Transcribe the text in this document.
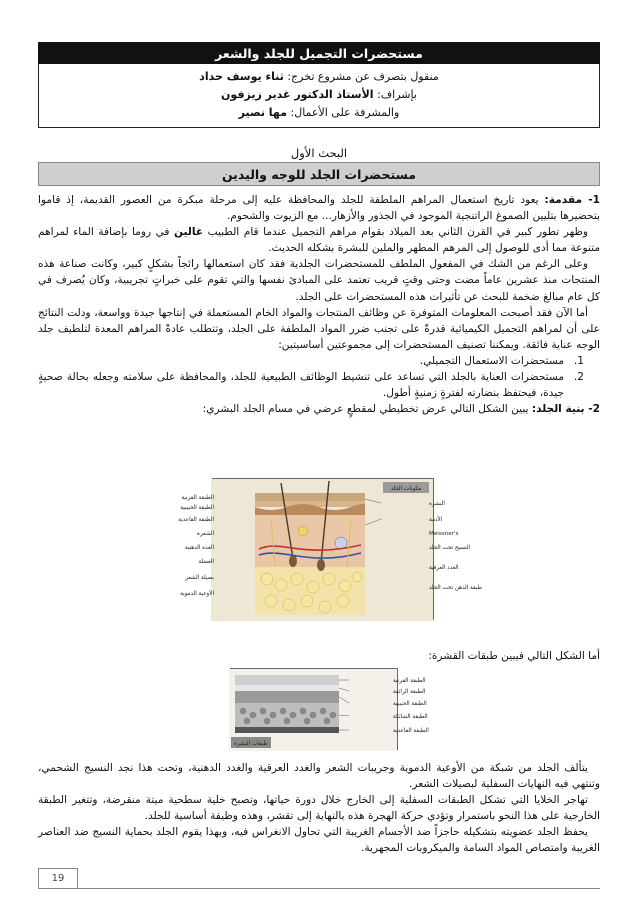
مستحضرات التجميل للجلد والشعر
منقول بتصرف عن مشروع تخرج: ثناء يوسف حداد
بإشراف: الأستاذ الدكتور غدير زيزفون
والمشرفة على الأعمال: مها نصير
البحث الأول
مستحضرات الجلد للوجه واليدين

1- مقدمة: يعود تاريخ استعمال المراهم الملطفة للجلد والمحافظة عليه إلى مرحلة مبكرة من العصور القديمة، إذ قاموا بتحضيرها بتليين الصموغ الراتنجية الموجود في الجذور والأزهار... مع الزيوت والشحوم.

وظهر تطور كبير في القرن الثاني بعد الميلاد بقوام مراهم التجميل عندما قام الطبيب غالين في روما بإضافة الماء لمراهم متنوعة مما أدى للوصول إلى المرهم المطهر والملين للبشرة بشكله الحديث.

وعلى الرغم من الشك في المفعول الملطف للمستحضرات الجلدية فقد كان استعمالها رائجاً بشكلٍ كبير، وكانت صناعة هذه المنتجات منذ عشرين عاماً مضت وحتى وقتٍ قريب تعتمد على المبادئ نفسها والتي تقوم على خبراتٍ تجريبية، وكان يُصرف في كل عام مبالغ ضخمة للبحث عن تأثيرات هذه المستحضرات على الجلد.

أما الآن فقد أصبحت المعلومات المتوفرة عن وظائف المنتجات والمواد الخام المستعملة في إنتاجها جيدة وواسعة، ودلت النتائج على أن لمراهم التجميل الكيميائية قدرةً على تجنب ضرر المواد الملطفة على الجلد، وتتطلب عادةً المراهم المعدة لتلطيف جلد الوجه عناية فائقة. ويمكننا تصنيف المستحضرات إلى مجموعتين أساسيتين:

1.
مستحضرات الاستعمال التجميلي.
2.
مستحضرات العناية بالجلد التي تساعد على تنشيط الوظائف الطبيعية للجلد، والمحافظة على سلامته وجعله بحالة صحيةٍ جيدة، فيحتفظ بنضارته لفترةٍ زمنيةٍ أطول.

2- بنية الجلد: يبين الشكل التالي عرض تخطيطي لمقطعٍ عرضي في مسام الجلد البشري:

مكونات الجلد
البشرة
الأدمة
Meissner's
النسيج تحت الجلد
الغدد العرقية
طبقة الدهن تحت الجلد
الطبقة القرنية
الطبقة الحبيبية
الطبقة القاعدية
الشعرة
الغدة الدهنية
العضلة
بصيلة الشعر
الأوعية الدموية
أما الشكل التالي فيبين طبقات القشرة:
طبقات البشرة
الطبقة القرنية
الطبقة الرائقة
الطبقة الحبيبية
الطبقة الشائكة
الطبقة القاعدية

يتألف الجلد من شبكة من الأوعية الدموية وجريبات الشعر والغدد العرقية والغدد الدهنية، وتحت هذا نجد النسيج الشحمي، وتنتهي فيه النهايات السفلية لبصيلات الشعر.

تهاجر الخلايا التي تشكل الطبقات السفلية إلى الخارج خلال دورة حياتها، وتصبح خلية سطحية ميتة منقرضة، وتتغير الطبقة الخارجية على هذا النحو باستمرار وتؤدي حركة الهجرة هذه بالنهاية إلى تقشر، وهذه وظيفة أساسية للجلد.

يحفظ الجلد عضويته بتشكيله حاجزاً ضد الأجسام الغريبة التي تحاول الانغراس فيه، وبهذا يقوم الجلد بحماية النسيج ضد العناصر الغريبة وامتصاص المواد السامة والميكروبات المجهرية.

19
